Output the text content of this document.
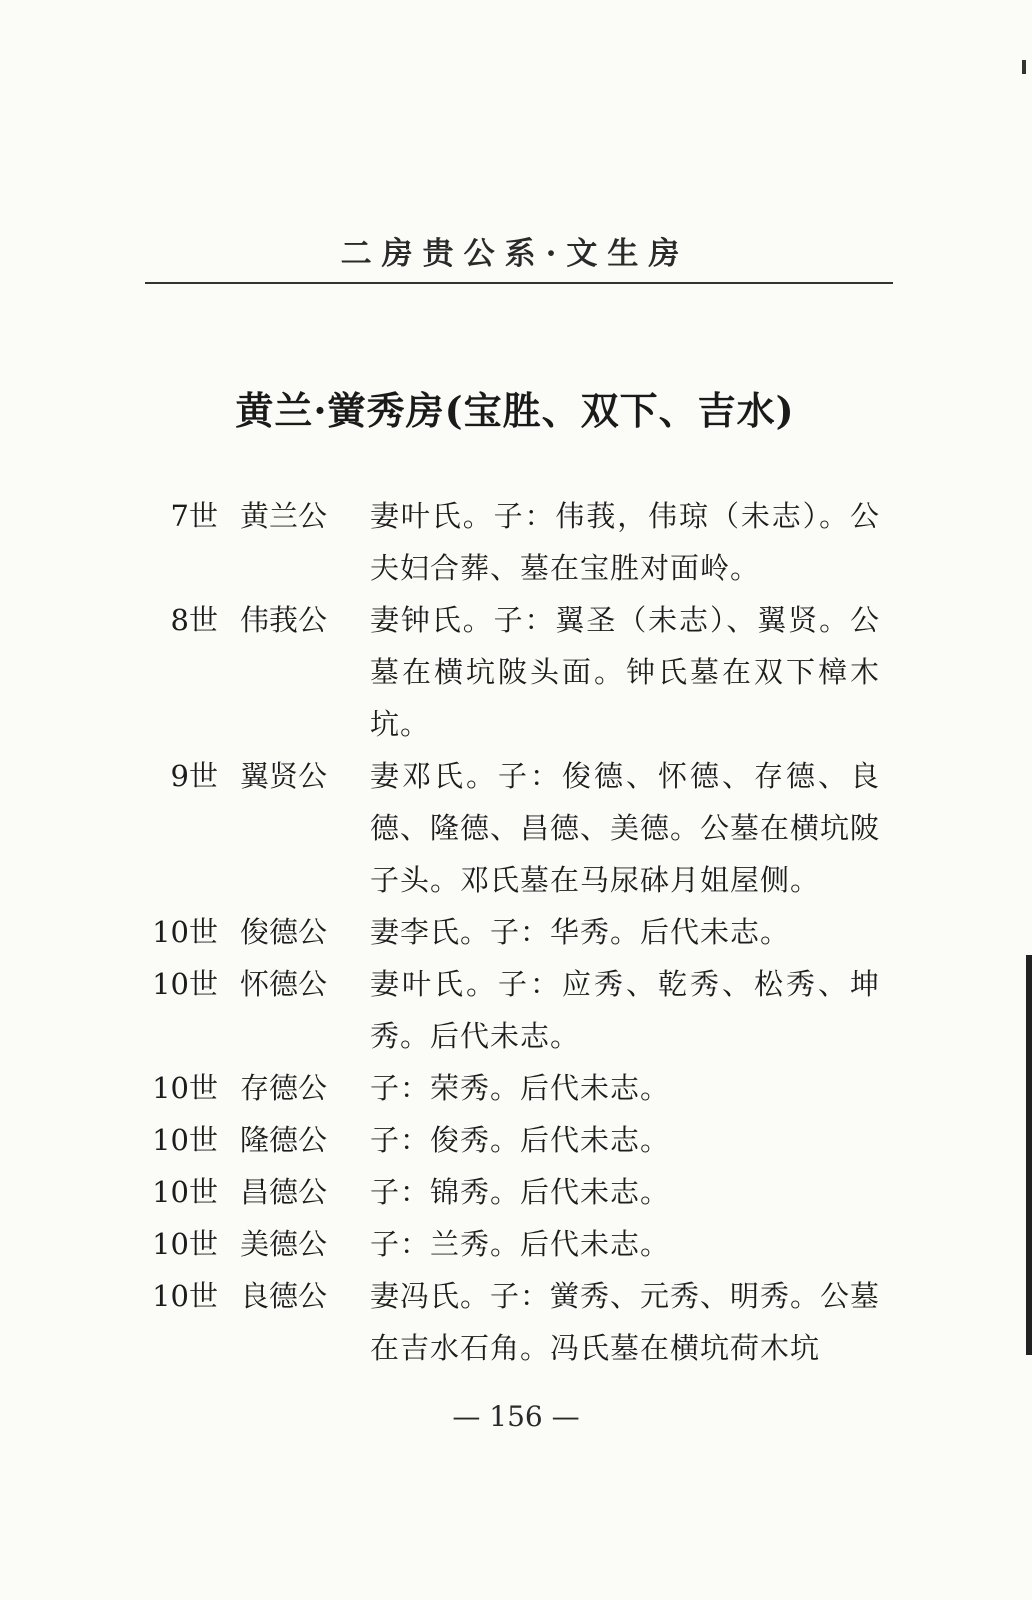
二房贵公系·文生房
黄兰·黉秀房(宝胜、双下、吉水)
7世 黄兰公	妻叶氏。子：伟莪，伟琼（未志）。公夫妇合葬、墓在宝胜对面岭。
8世 伟莪公	妻钟氏。子：翼圣（未志）、翼贤。公墓在横坑陂头面。钟氏墓在双下樟木坑。
9世 翼贤公	妻邓氏。子：俊德、怀德、存德、良德、隆德、昌德、美德。公墓在横坑陂子头。邓氏墓在马尿砵月姐屋侧。
10世 俊德公	妻李氏。子：华秀。后代未志。
10世 怀德公	妻叶氏。子：应秀、乾秀、松秀、坤秀。后代未志。
10世 存德公	子：荣秀。后代未志。
10世 隆德公	子：俊秀。后代未志。
10世 昌德公	子：锦秀。后代未志。
10世 美德公	子：兰秀。后代未志。
10世 良德公	妻冯氏。子：黉秀、元秀、明秀。公墓在吉水石角。冯氏墓在横坑荷木坑
— 156 —
